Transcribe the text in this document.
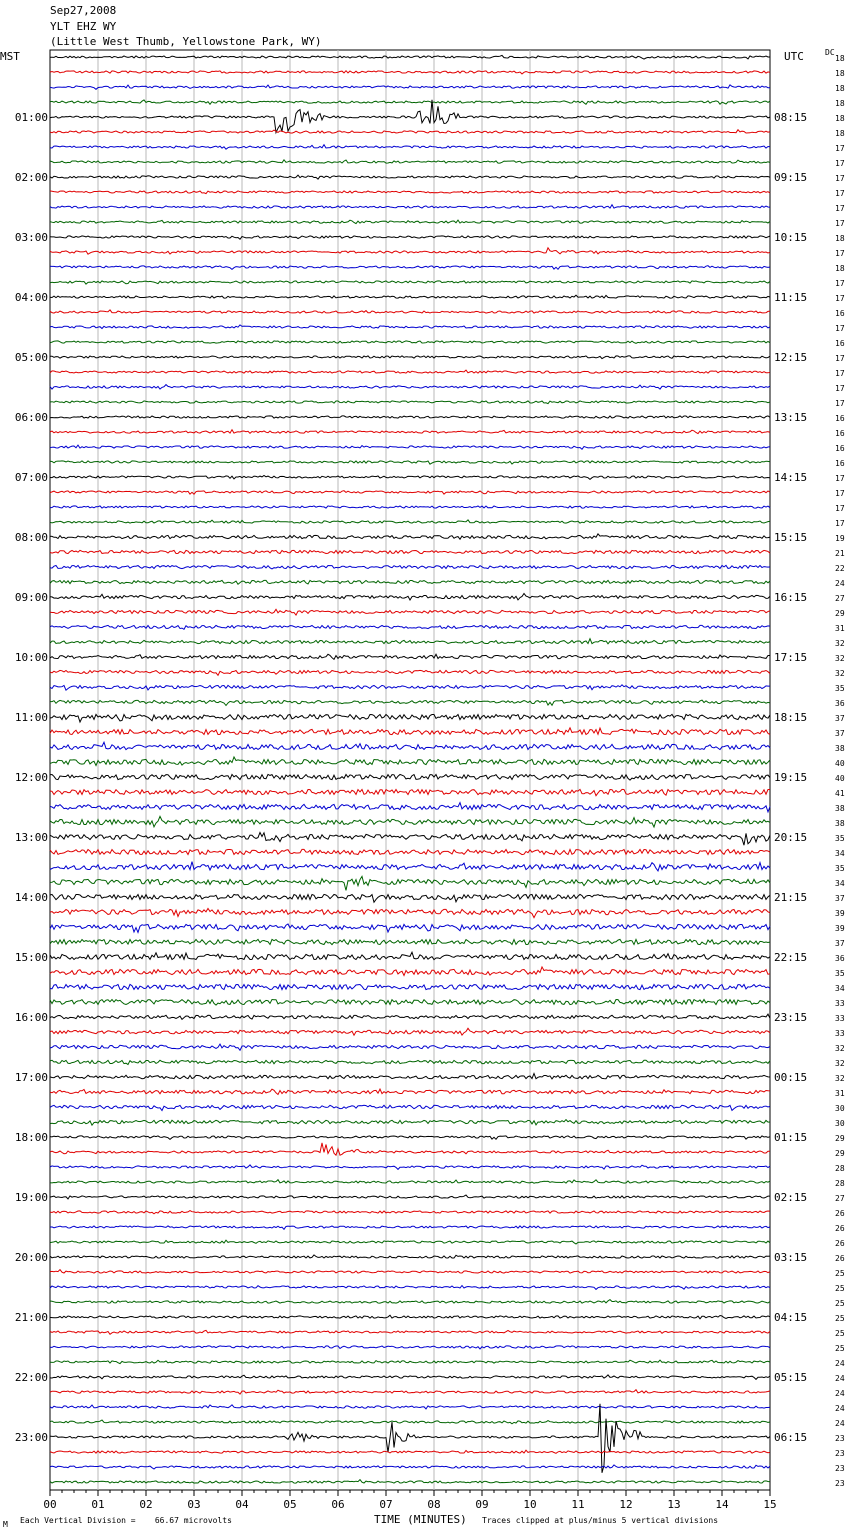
Sep27,2008
YLT EHZ WY
(Little West Thumb, Yellowstone Park, WY)
MST	UTC	DC
00	01	02	03	04	05	06	07	08	09	10	11	12	13	14	15
18
18
18
18
18
18
17
17
17
17
17
17
18
17
18
17
17
16
17
16
17
17
17
17
16
16
16
16
17
17
17
17
19
21
22
24
27
29
31
32
32
32
35
36
37
37
38
40
40
41
38
38
35
34
35
34
37
39
39
37
36
35
34
33
33
33
32
32
32
31
30
30
29
29
28
28
27
26
26
26
26
25
25
25
25
25
25
24
24
24
24
24
23
23
23
23
01:00	08:15
02:00	09:15
03:00	10:15
04:00	11:15
05:00	12:15
06:00	13:15
07:00	14:15
08:00	15:15
09:00	16:15
10:00	17:15
11:00	18:15
12:00	19:15
13:00	20:15
14:00	21:15
15:00	22:15
16:00	23:15
17:00	00:15
18:00	01:15
19:00	02:15
20:00	03:15
21:00	04:15
22:00	05:15
23:00	06:15
M Each Vertical Division =    66.67 microvolts	TIME (MINUTES) Traces clipped at plus/minus 5 vertical divisions
